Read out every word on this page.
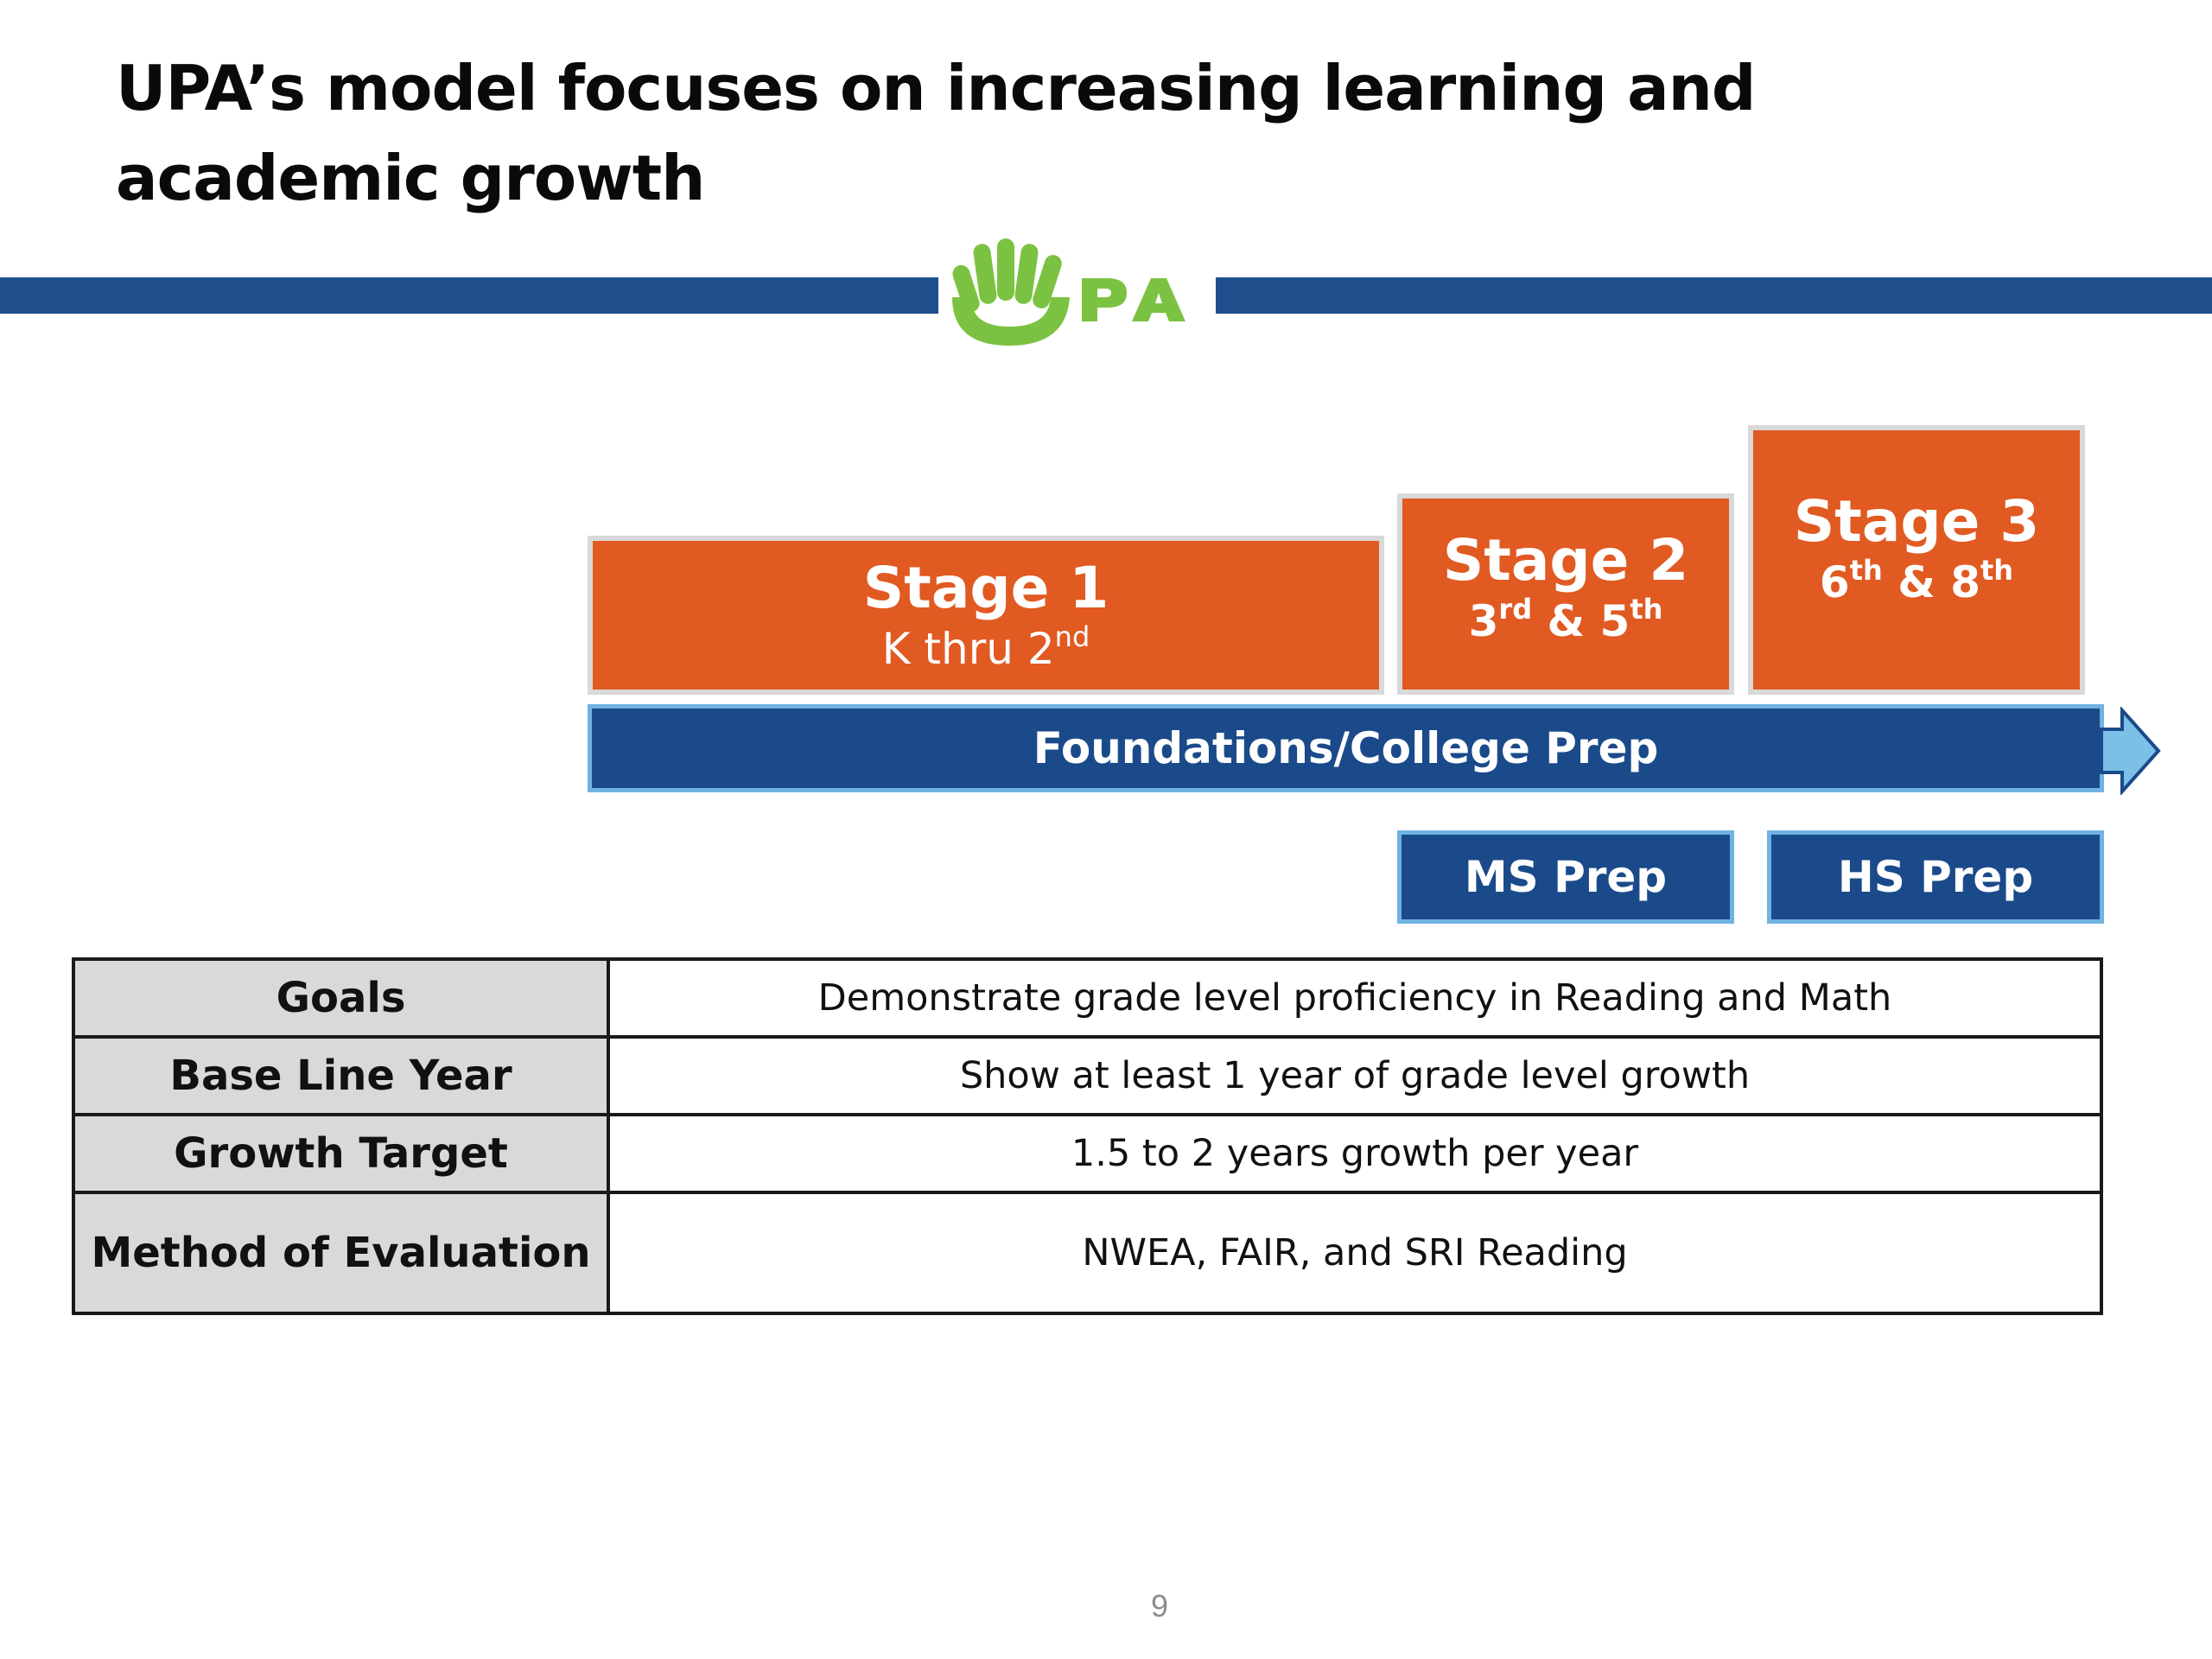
UPA’s model focuses on increasing learning and academic growth
Stage 1
K thru 2nd
Stage 2
3rd & 5th
Stage 3
6th & 8th
Foundations/College Prep
MS Prep	HS Prep
Goals	Demonstrate grade level proficiency in Reading and Math
Base Line Year	Show at least 1 year of grade level growth
Growth Target	1.5 to 2 years growth per year
Method of Evaluation	NWEA, FAIR, and SRI Reading
9
